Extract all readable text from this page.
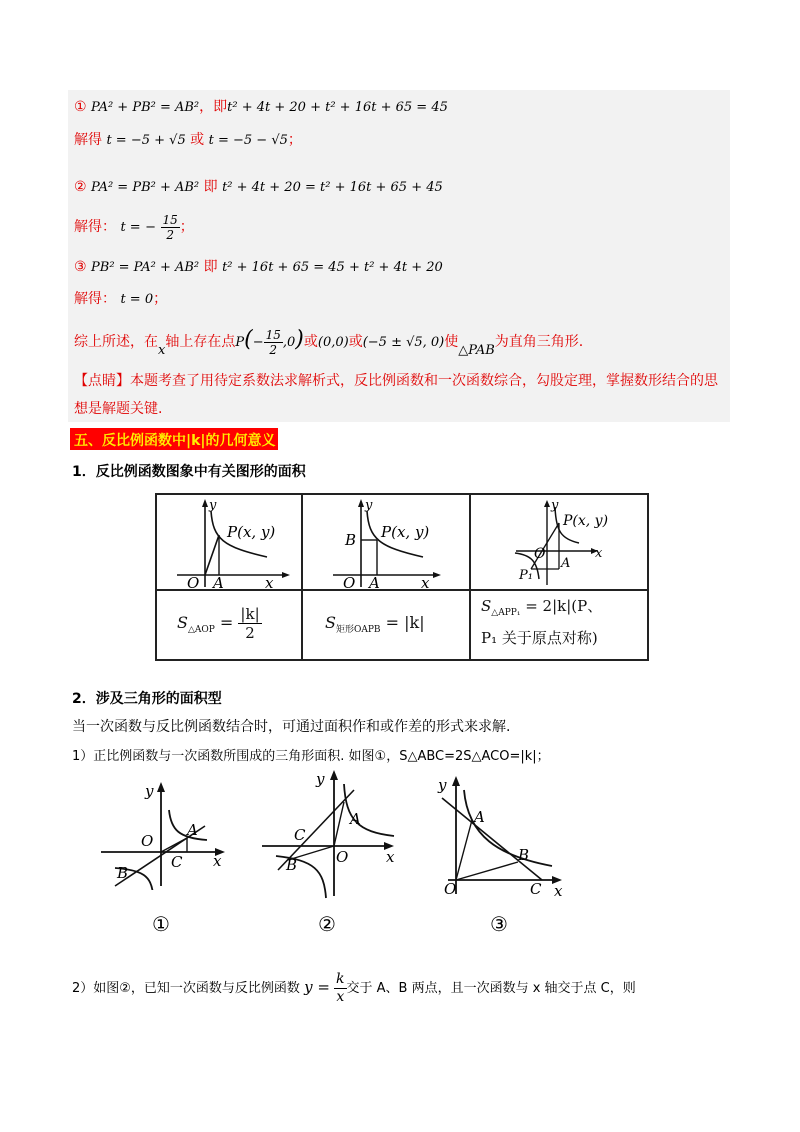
① PA² + PB² = AB²，即t² + 4t + 20 + t² + 16t + 65 = 45
解得 t = −5 + √5 或 t = −5 − √5；
② PA² = PB² + AB² 即 t² + 4t + 20 = t² + 16t + 65 + 45
解得： t = − $\frac{15}{2}$ ；
③ PB² = PA² + AB² 即 t² + 16t + 65 = 45 + t² + 4t + 20
解得： t = 0；
综上所述，在x轴上存在点$P(- \frac{15}{2} ,0)$或(0,0)或(−5 ± √5, 0)使△PAB为直角三角形.
【点睛】本题考查了用待定系数法求解析式，反比例函数和一次函数综合，勾股定理，掌握数形结合的思
想是解题关键.
五、反比例函数中|k|的几何意义
1．反比例函数图象中有关图形的面积
y
P(x, y)
O A	x
y
B P(x, y)
O A	x
y
P(x, y)
O
A
P₁
x
$S_{\triangle AOP} = \frac{|k|}{2}$	$S_{矩形OAPB} = |k|$
$S_{\triangle APP_1} = 2|k|(P$、
P₁ 关于原点对称)
2．涉及三角形的面积型
当一次函数与反比例函数结合时，可通过面积作和或作差的形式来求解.
1）正比例函数与一次函数所围成的三角形面积. 如图①，S△ABC=2S△ACO=|k|；
y
O
A
C
B
x
①
y
A
C
O
B	x
②
y
A
B
O	C x
③
2）如图②，已知一次函数与反比例函数 $y = \frac{k}{x}$ 交于 A、B 两点，且一次函数与 x 轴交于点 C，则
